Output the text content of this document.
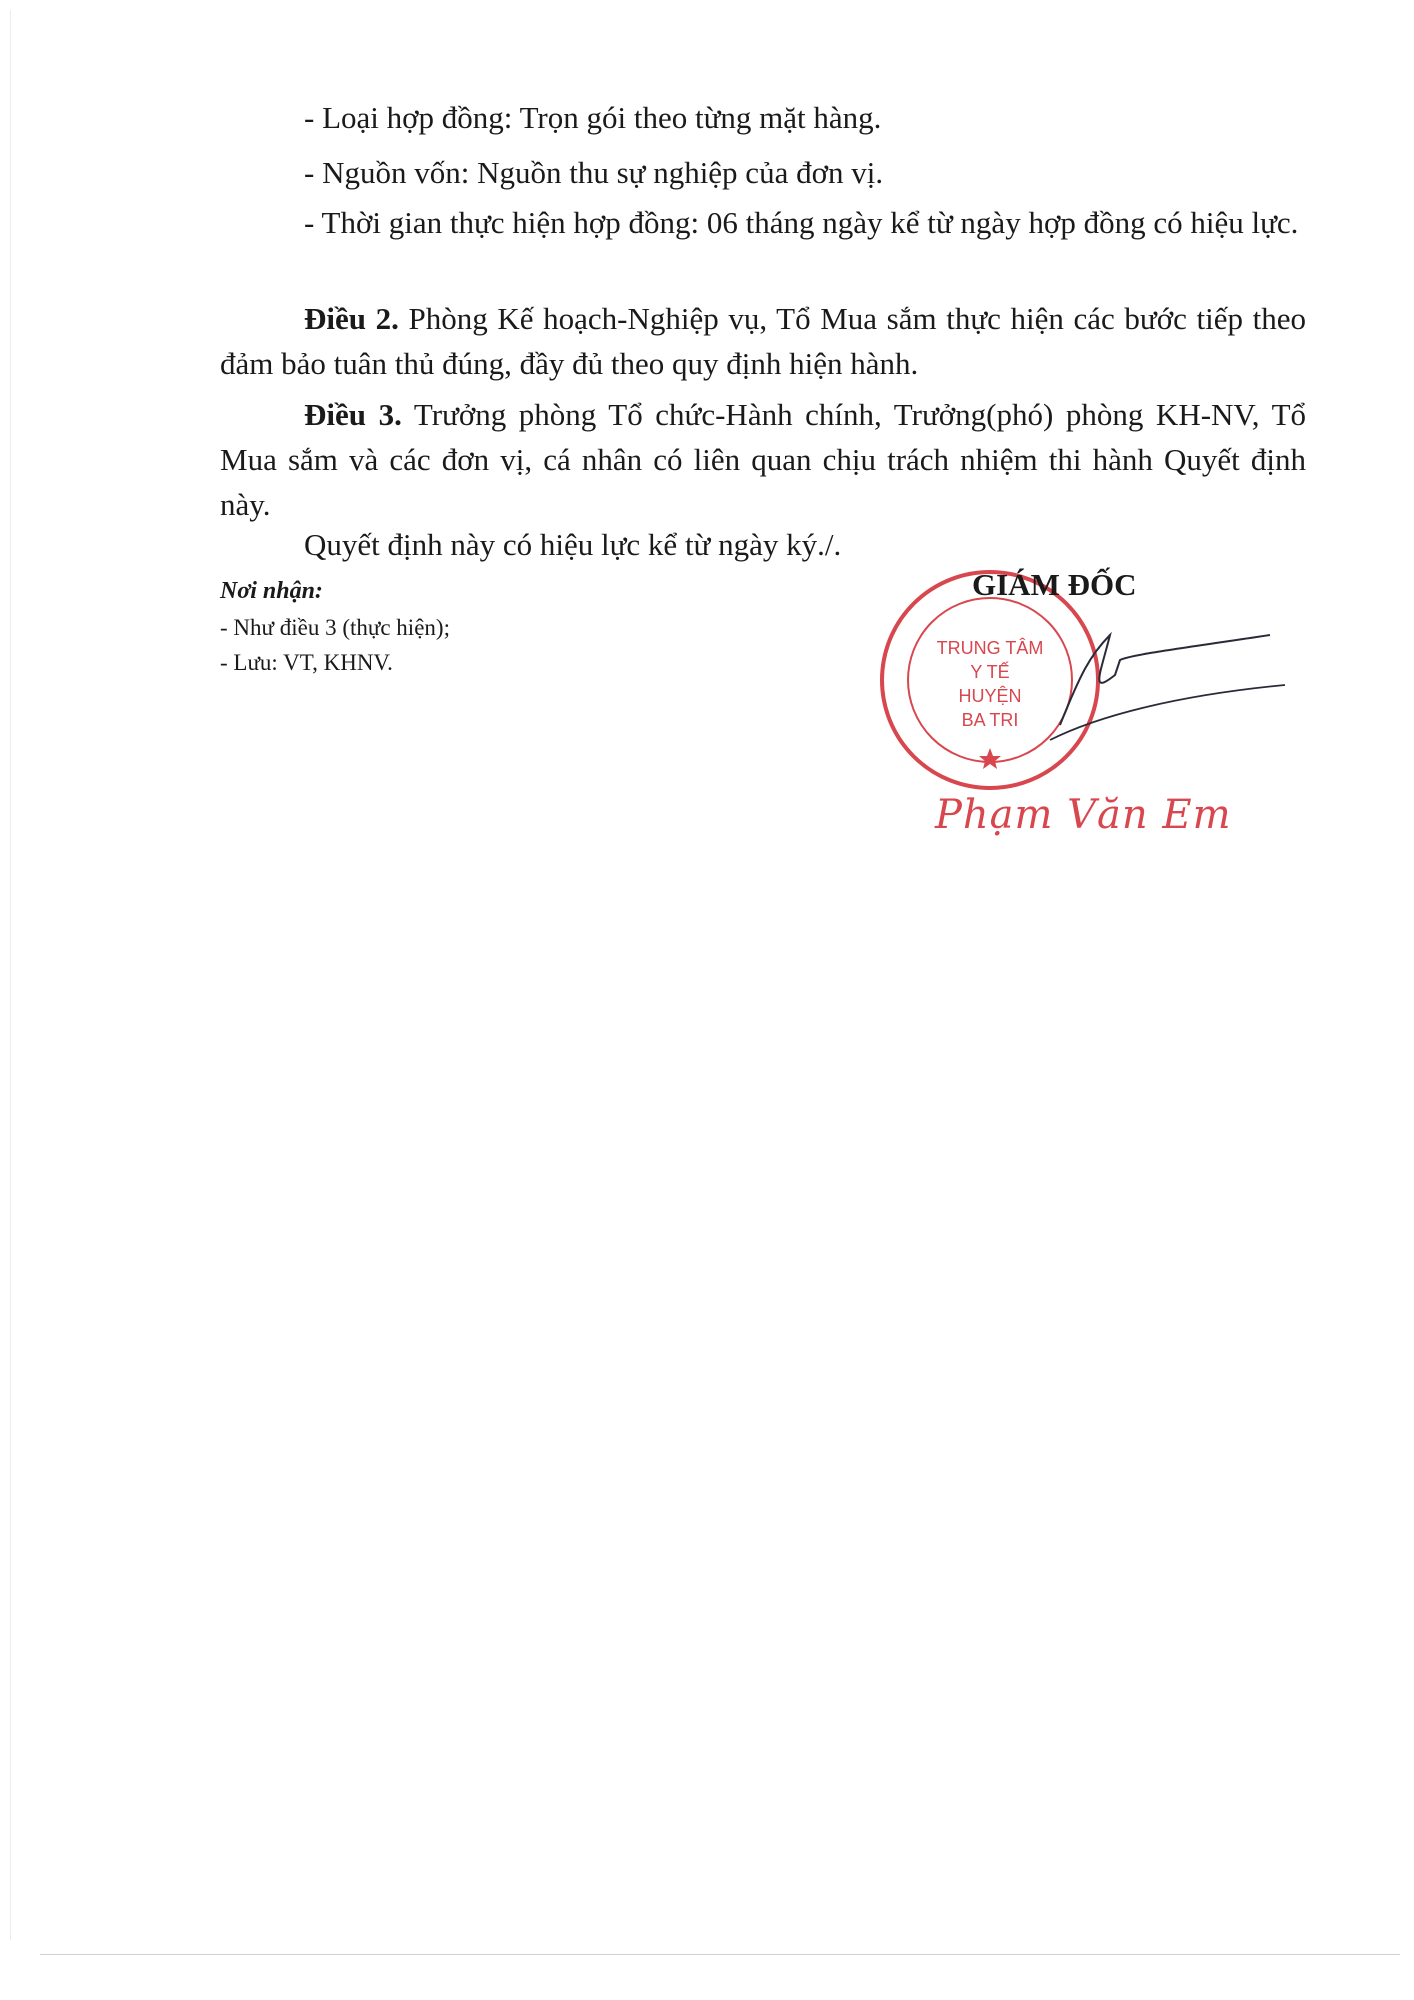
- Loại hợp đồng: Trọn gói theo từng mặt hàng.
- Nguồn vốn: Nguồn thu sự nghiệp của đơn vị.

- Thời gian thực hiện hợp đồng: 06 tháng ngày kể từ ngày hợp đồng có hiệu lực.

Điều 2. Phòng Kế hoạch-Nghiệp vụ, Tổ Mua sắm thực hiện các bước tiếp theo đảm bảo tuân thủ đúng, đầy đủ theo quy định hiện hành.

Điều 3. Trưởng phòng Tổ chức-Hành chính, Trưởng(phó) phòng KH-NV, Tổ Mua sắm và các đơn vị, cá nhân có liên quan chịu trách nhiệm thi hành Quyết định này.

Quyết định này có hiệu lực kể từ ngày ký./.

Nơi nhận:
- Như điều 3 (thực hiện);
- Lưu: VT, KHNV.
TRUNG TÂM
Y TẾ
HUYỆN
BA TRI
GIÁM ĐỐC
Phạm Văn Em
